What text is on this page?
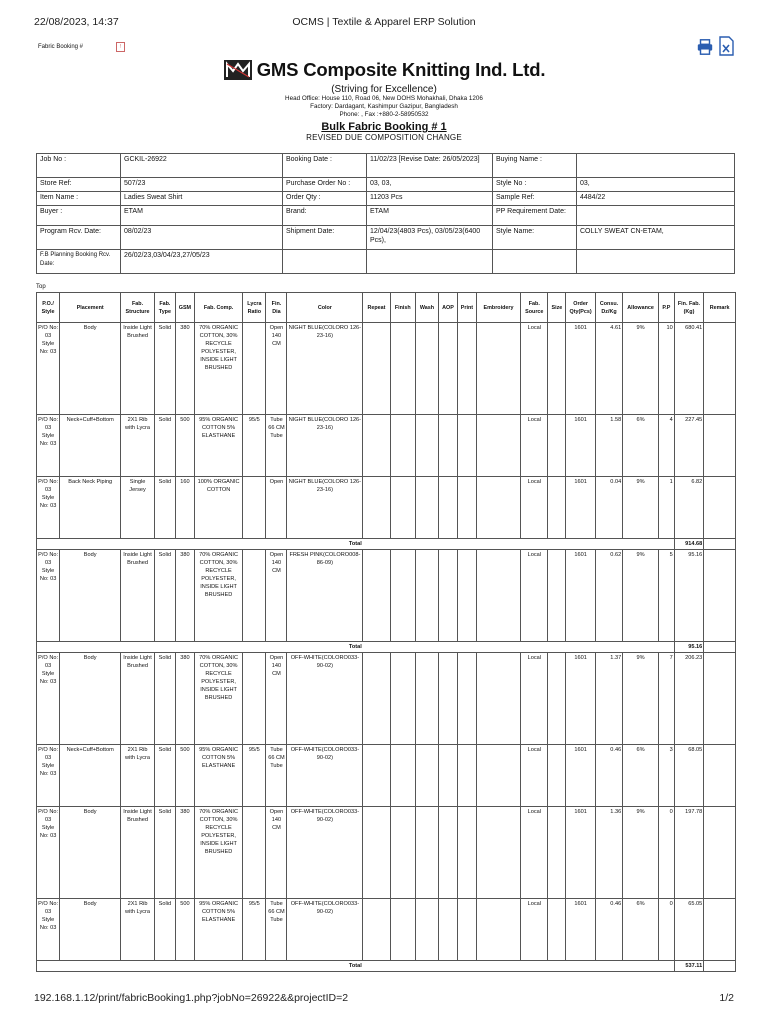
22/08/2023, 14:37	OCMS | Textile & Apparel ERP Solution
Fabric Booking #	!
GMS Composite Knitting Ind. Ltd.
(Striving for Excellence)
Head Office: House 110, Road 06, New DOHS Mohakhali, Dhaka 1206
Factory: Dardagant, Kashimpur Gazipur, Bangladesh
Phone: , Fax :+880-2-58950532
Bulk Fabric Booking # 1
REVISED DUE COMPOSITION CHANGE
Job No :	GCKIL-26922	Booking Date :	11/02/23 [Revise Date: 26/05/2023]	Buying Name :	
Store Ref:	507/23	Purchase Order No :	03, 03,	Style No :	03,
Item Name :	Ladies Sweat Shirt	Order Qty :	11203 Pcs	Sample Ref:	4484/22
Buyer :	ETAM	Brand:	ETAM	PP Requirement Date:	
Program Rcv. Date:	08/02/23	Shipment Date:	12/04/23(4803 Pcs), 03/05/23(6400 Pcs),	Style Name:	COLLY SWEAT CN-ETAM,
F.B Planning Booking Rcv. Date:	26/02/23,03/04/23,27/05/23				
Top
P.O./ Style	Placement	Fab. Structure	Fab. Type	GSM	Fab. Comp.	Lycra Ratio	Fin. Dia	Color	Repeat	Finish	Wash	AOP	Print	Embroidery	Fab. Source	Size	Order Qty(Pcs)	Consu. Dz/Kg	Allowance	P.P	Fin. Fab. (Kg)	Remark
P/O No: 03 Style No: 03	Body	Inside Light Brushed	Solid	380	70% ORGANIC COTTON, 30% RECYCLE POLYESTER, INSIDE LIGHT BRUSHED		Open 140 CM	NIGHT BLUE(COLORO 126-23-16)							Local		1601	4.61	9%	10	680.41	
P/O No: 03 Style No: 03	Neck+Cuff+Bottom	2X1 Rib with Lycra	Solid	500	95% ORGANIC COTTON 5% ELASTHANE	95/5	Tube 66 CM Tube	NIGHT BLUE(COLORO 126-23-16)							Local		1601	1.58	6%	4	227.45	
P/O No: 03 Style No: 03	Back Neck Piping	Single Jersey	Solid	160	100% ORGANIC COTTON		Open	NIGHT BLUE(COLORO 126-23-16)							Local		1601	0.04	9%	1	6.82	
Total																					914.68	
P/O No: 03 Style No: 03	Body	Inside Light Brushed	Solid	380	70% ORGANIC COTTON, 30% RECYCLE POLYESTER, INSIDE LIGHT BRUSHED		Open 140 CM	FRESH PINK(COLORO008-86-09)							Local		1601	0.62	9%	5	95.16	
Total																					95.16	
P/O No: 03 Style No: 03	Body	Inside Light Brushed	Solid	380	70% ORGANIC COTTON, 30% RECYCLE POLYESTER, INSIDE LIGHT BRUSHED		Open 140 CM	OFF-WHITE(COLORO033-90-02)							Local		1601	1.37	9%	7	206.23	
P/O No: 03 Style No: 03	Neck+Cuff+Bottom	2X1 Rib with Lycra	Solid	500	95% ORGANIC COTTON 5% ELASTHANE	95/5	Tube 66 CM Tube	OFF-WHITE(COLORO033-90-02)							Local		1601	0.46	6%	3	68.05	
P/O No: 03 Style No: 03	Body	Inside Light Brushed	Solid	380	70% ORGANIC COTTON, 30% RECYCLE POLYESTER, INSIDE LIGHT BRUSHED		Open 140 CM	OFF-WHITE(COLORO033-90-02)							Local		1601	1.36	9%	0	197.78	
P/O No: 03 Style No: 03	Body	2X1 Rib with Lycra	Solid	500	95% ORGANIC COTTON 5% ELASTHANE	95/5	Tube 66 CM Tube	OFF-WHITE(COLORO033-90-02)							Local		1601	0.46	6%	0	65.05	
Total																					537.11	
192.168.1.12/print/fabricBooking1.php?jobNo=26922&&projectID=2	1/2
